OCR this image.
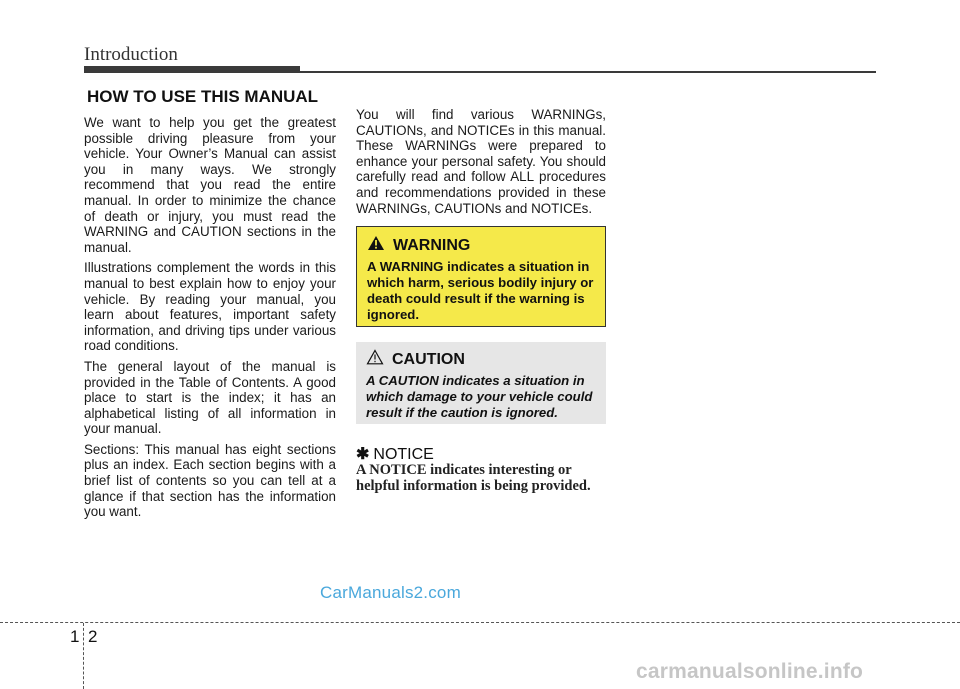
Introduction
HOW TO USE THIS MANUAL

We want to help you get the greatest possible driving pleasure from your vehicle. Your Owner’s Manual can assist you in many ways. We strongly recommend that you read the entire manual. In order to minimize the chance of death or injury, you must read the WARNING and CAUTION sections in the manual.

Illustrations complement the words in this manual to best explain how to enjoy your vehicle. By reading your manual, you learn about features, important safety information, and driving tips under various road conditions.

The general layout of the manual is provided in the Table of Contents. A good place to start is the index; it has an alphabetical listing of all information in your manual.

Sections: This manual has eight sections plus an index. Each section begins with a brief list of contents so you can tell at a glance if that section has the information you want.

You will find various WARNINGs, CAUTIONs, and NOTICEs in this manual. These WARNINGs were prepared to enhance your personal safety. You should carefully read and follow ALL procedures and recommendations provided in these WARNINGs, CAUTIONs and NOTICEs.

WARNING
A WARNING indicates a situation in which harm, serious bodily injury or death could result if the warning is ignored.
CAUTION
A CAUTION indicates a situation in which damage to your vehicle could result if the caution is ignored.
✱ NOTICE
A NOTICE indicates interesting or helpful information is being provided.
CarManuals2.com
1 2
carmanualsonline.info
